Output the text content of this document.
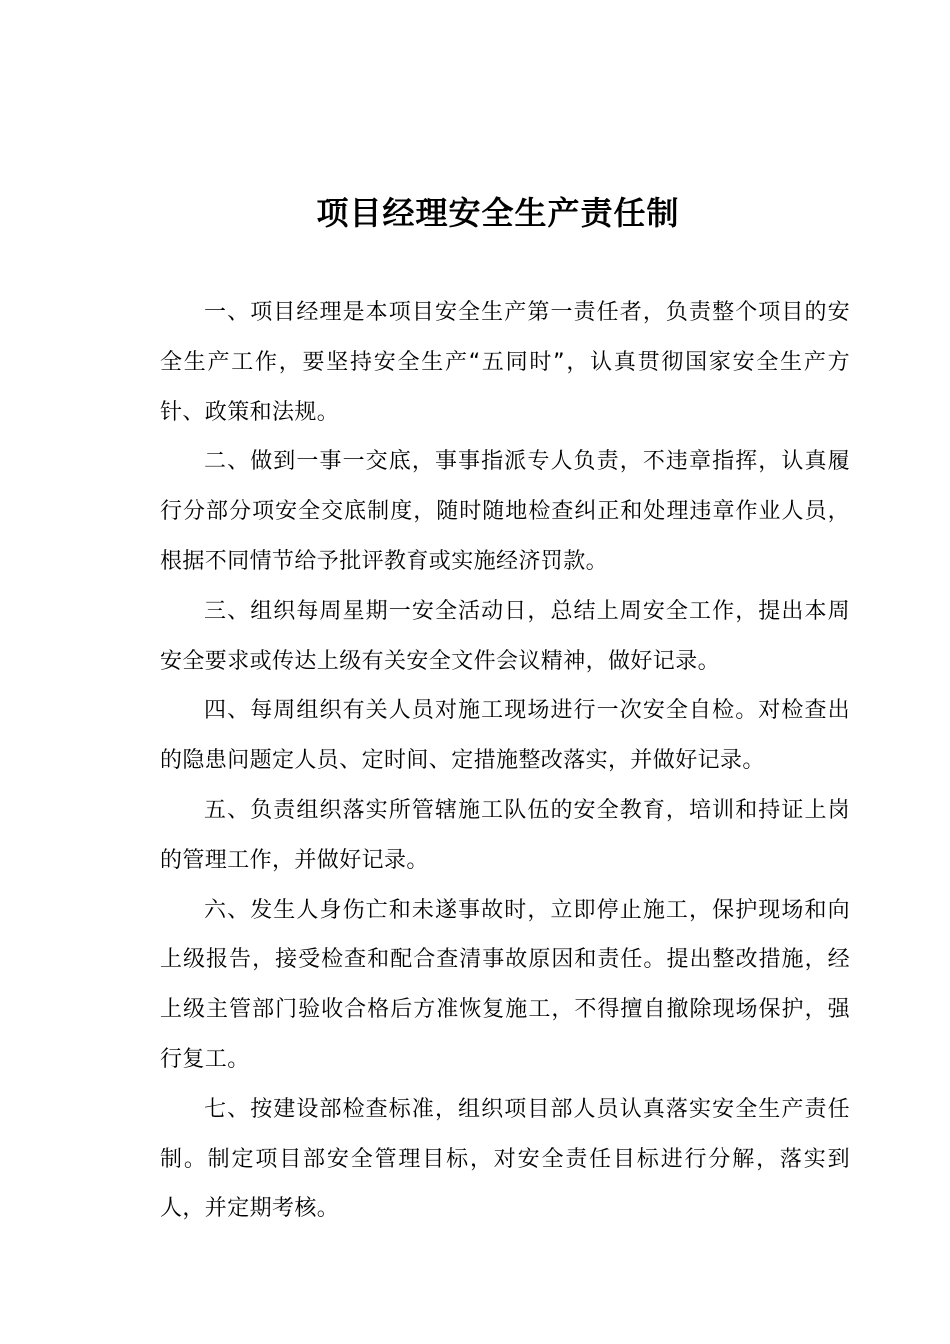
项目经理安全生产责任制

一、项目经理是本项目安全生产第一责任者，负责整个项目的安全生产工作，要坚持安全生产“五同时”，认真贯彻国家安全生产方针、政策和法规。

二、做到一事一交底，事事指派专人负责，不违章指挥，认真履行分部分项安全交底制度，随时随地检查纠正和处理违章作业人员，根据不同情节给予批评教育或实施经济罚款。

三、组织每周星期一安全活动日，总结上周安全工作，提出本周安全要求或传达上级有关安全文件会议精神，做好记录。

四、每周组织有关人员对施工现场进行一次安全自检。对检查出的隐患问题定人员、定时间、定措施整改落实，并做好记录。

五、负责组织落实所管辖施工队伍的安全教育，培训和持证上岗的管理工作，并做好记录。

六、发生人身伤亡和未遂事故时，立即停止施工，保护现场和向上级报告，接受检查和配合查清事故原因和责任。提出整改措施，经上级主管部门验收合格后方准恢复施工，不得擅自撤除现场保护，强行复工。

七、按建设部检查标准，组织项目部人员认真落实安全生产责任制。制定项目部安全管理目标，对安全责任目标进行分解，落实到人，并定期考核。
